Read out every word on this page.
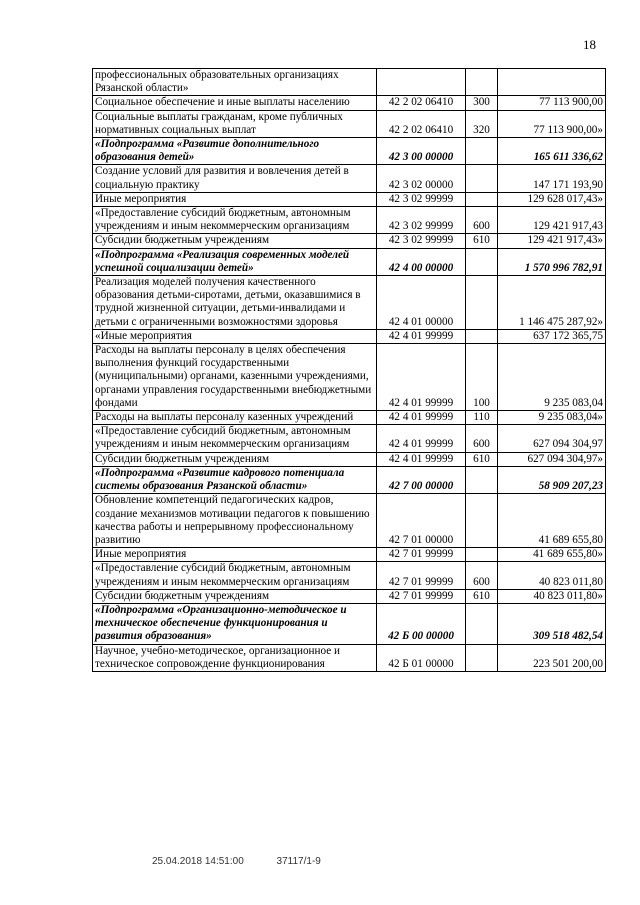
18
профессиональных образовательных организациях Рязанской области»			
Социальное обеспечение и иные выплаты населению	42 2 02 06410	300	77 113 900,00
Социальные выплаты гражданам, кроме публичных нормативных социальных выплат	42 2 02 06410	320	77 113 900,00»
«Подпрограмма «Развитие дополнительного образования детей»	42 3 00 00000		165 611 336,62
Создание условий для развития и вовлечения детей в социальную практику	42 3 02 00000		147 171 193,90
Иные мероприятия	42 3 02 99999		129 628 017,43»
«Предоставление субсидий бюджетным, автономным учреждениям и иным некоммерческим организациям	42 3 02 99999	600	129 421 917,43
Субсидии бюджетным учреждениям	42 3 02 99999	610	129 421 917,43»
«Подпрограмма «Реализация современных моделей успешной социализации детей»	42 4 00 00000		1 570 996 782,91
Реализация моделей получения качественного образования детьми-сиротами, детьми, оказавшимися в трудной жизненной ситуации, детьми-инвалидами и детьми с ограниченными возможностями здоровья	42 4 01 00000		1 146 475 287,92»
«Иные мероприятия	42 4 01 99999		637 172 365,75
Расходы на выплаты персоналу в целях обеспечения выполнения функций государственными (муниципальными) органами, казенными учреждениями, органами управления государственными внебюджетными фондами	42 4 01 99999	100	9 235 083,04
Расходы на выплаты персоналу казенных учреждений	42 4 01 99999	110	9 235 083,04»
«Предоставление субсидий бюджетным, автономным учреждениям и иным некоммерческим организациям	42 4 01 99999	600	627 094 304,97
Субсидии бюджетным учреждениям	42 4 01 99999	610	627 094 304,97»
«Подпрограмма «Развитие кадрового потенциала системы образования Рязанской области»	42 7 00 00000		58 909 207,23
Обновление компетенций педагогических кадров, создание механизмов мотивации педагогов к повышению качества работы и непрерывному профессиональному развитию	42 7 01 00000		41 689 655,80
Иные мероприятия	42 7 01 99999		41 689 655,80»
«Предоставление субсидий бюджетным, автономным учреждениям и иным некоммерческим организациям	42 7 01 99999	600	40 823 011,80
Субсидии бюджетным учреждениям	42 7 01 99999	610	40 823 011,80»
«Подпрограмма «Организационно-методическое и техническое обеспечение функционирования и развития образования»	42 Б 00 00000		309 518 482,54
Научное, учебно-методическое, организационное и техническое сопровождение функционирования	42 Б 01 00000		223 501 200,00
25.04.2018 14:51:00	37117/1-9
